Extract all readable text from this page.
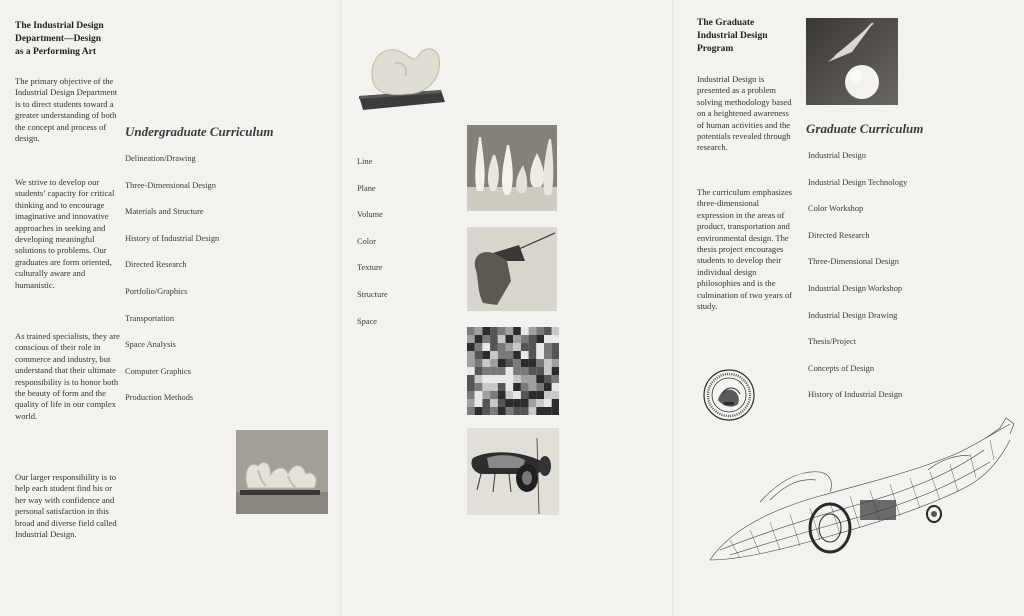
The Industrial Design
Department—Design
as a Performing Art
The primary objective of the Industrial Design Department is to direct students toward a greater understanding of both the concept and process of design.
We strive to develop our students’ capacity for critical thinking and to encourage imaginative and innovative approaches in seeking and developing meaningful solutions to problems. Our graduates are form oriented, culturally aware and humanistic.
As trained specialists, they are conscious of their role in commerce and industry, but understand that their ultimate responsibility is to honor both the beauty of form and the quality of life in our complex world.
Our larger responsibility is to help each student find his or her way with confidence and personal satisfaction in this broad and diverse field called Industrial Design.
Undergraduate Curriculum
Delineation/Drawing
Three-Dimensional Design
Materials and Structure
History of Industrial Design
Directed Research
Portfolio/Graphics
Transportation
Space Analysis
Computer Graphics
Production Methods
Line
Plane
Volume
Color
Texture
Structure
Space
The Graduate
Industrial Design
Program
Industrial Design is presented as a problem solving methodology based on a heightened awareness of human activities and the potentials revealed through research.
The curriculum emphasizes three-dimensional expression in the areas of product, transportation and environmental design. The thesis project encourages students to develop their individual design philosophies and is the culmination of two years of study.
Graduate Curriculum
Industrial Design
Industrial Design Technology
Color Workshop
Directed Research
Three-Dimensional Design
Industrial Design Workshop
Industrial Design Drawing
Thesis/Project
Concepts of Design
History of Industrial Design
